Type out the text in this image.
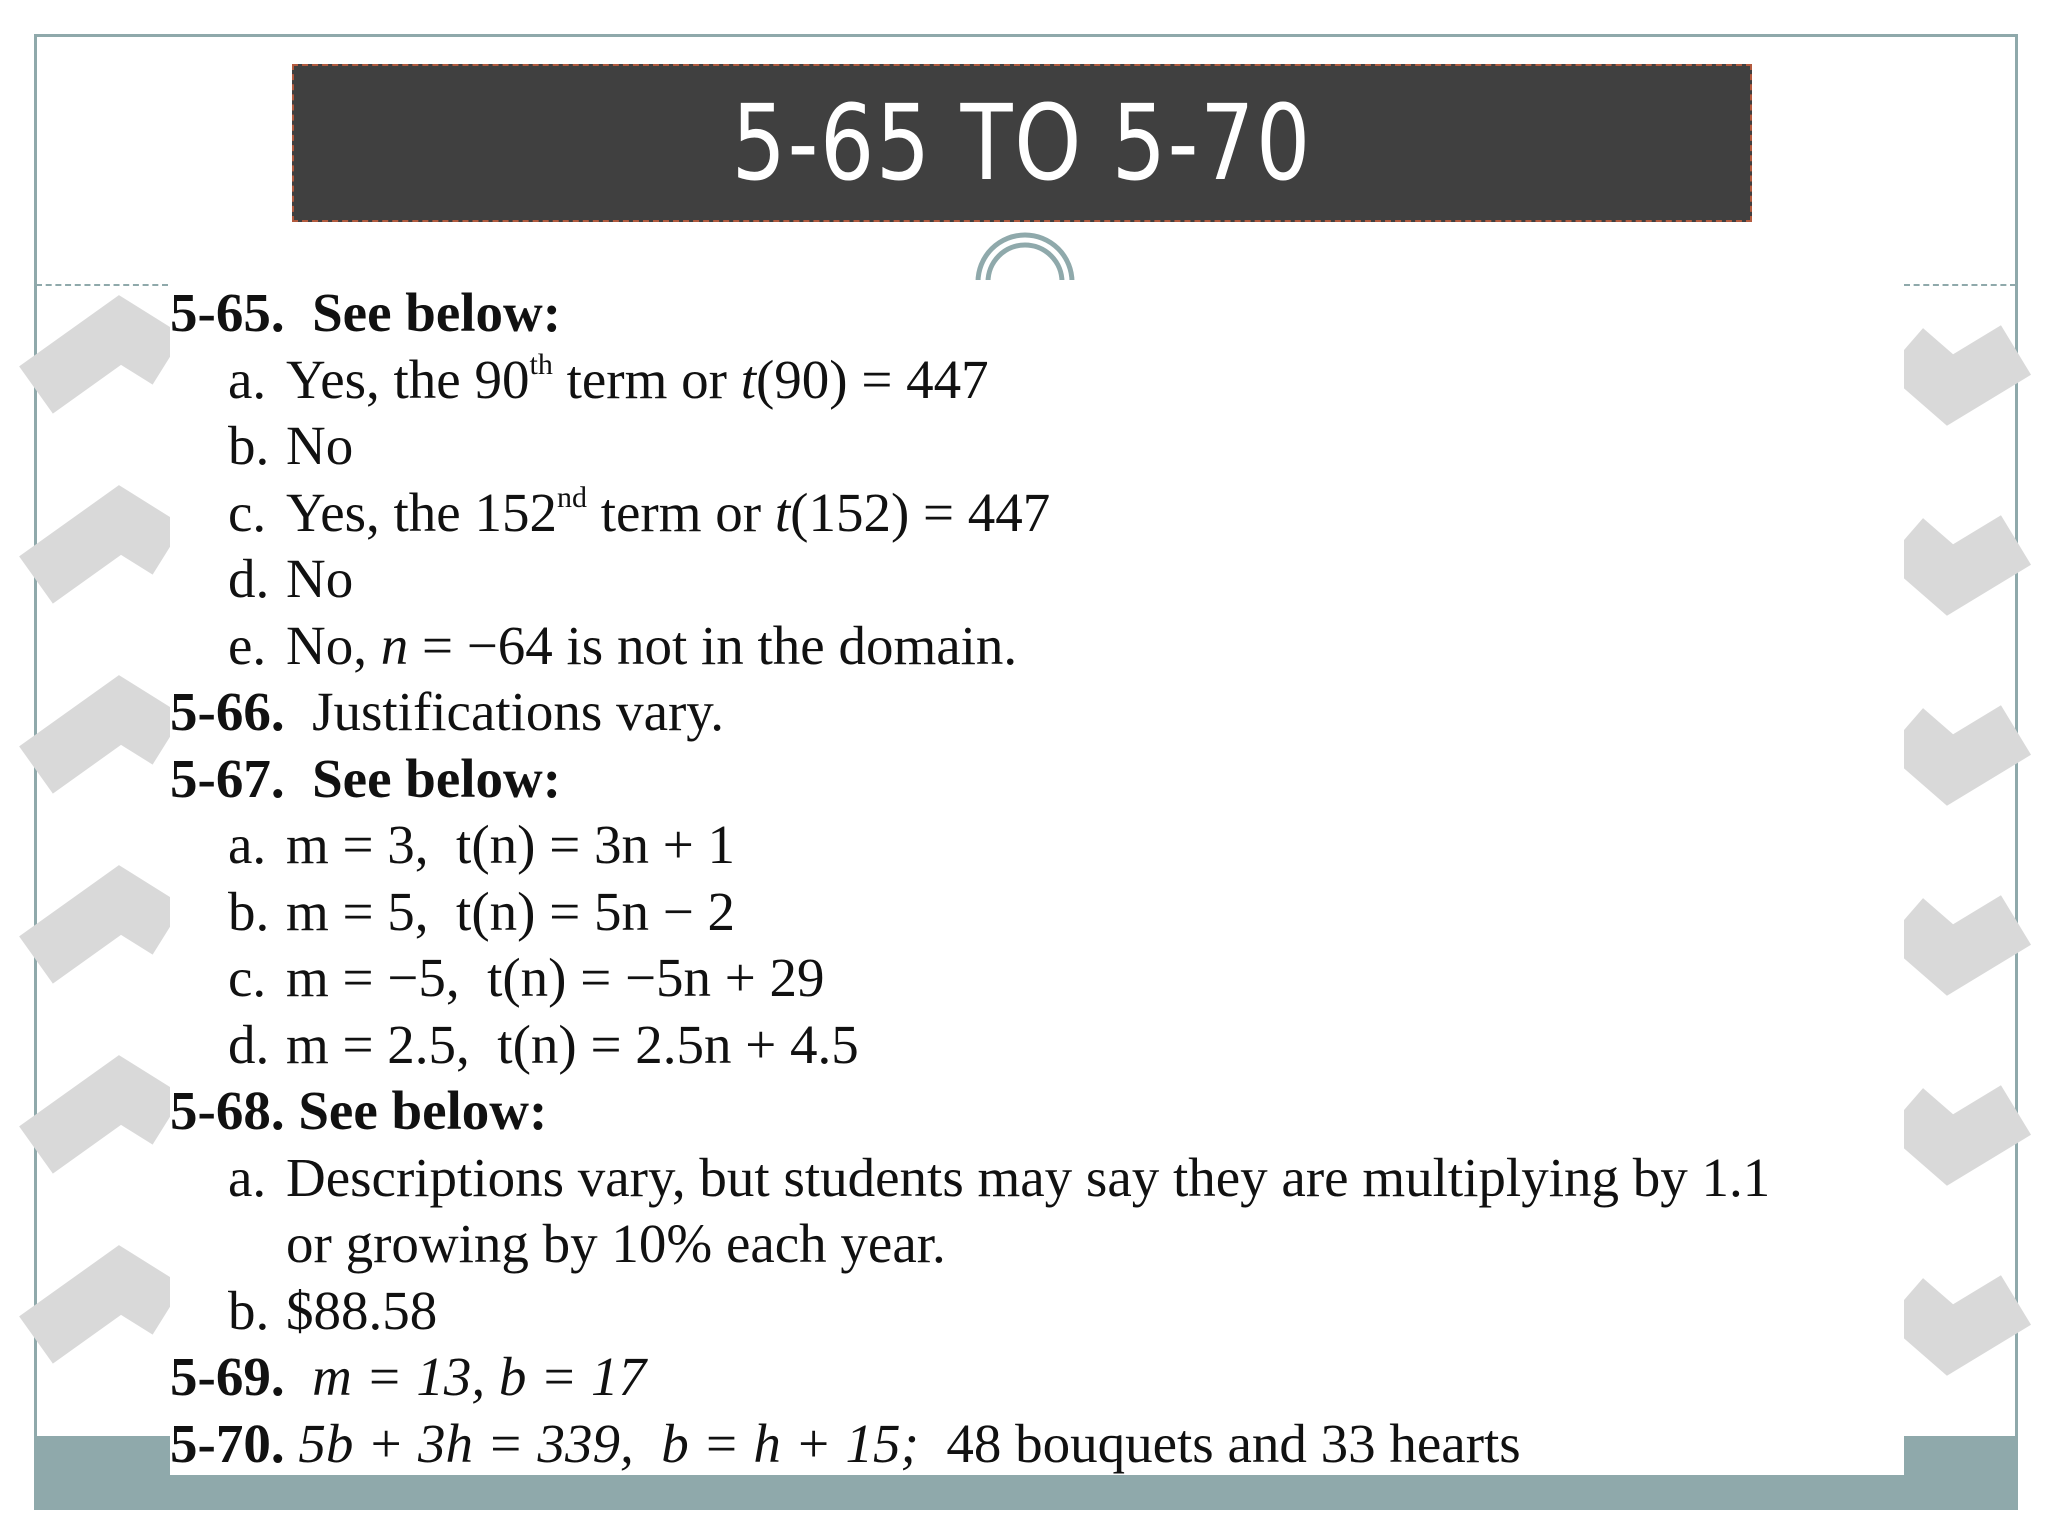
5-65 TO 5-70
5-65. See below:
a. Yes, the 90th term or t(90) = 447
b. No
c. Yes, the 152nd term or t(152) = 447
d. No
e. No, n = −64 is not in the domain.
5-66. Justifications vary.
5-67. See below:
a. m = 3,  t(n) = 3n + 1
b. m = 5,  t(n) = 5n − 2
c. m = −5,  t(n) = −5n + 29
d. m = 2.5,  t(n) = 2.5n + 4.5
5-68. See below:
a. Descriptions vary, but students may say they are multiplying by 1.1
or growing by 10% each year.
b. $88.58
5-69. m = 13, b = 17
5-70. 5b + 3h = 339,  b = h + 15; 48 bouquets and 33 hearts
